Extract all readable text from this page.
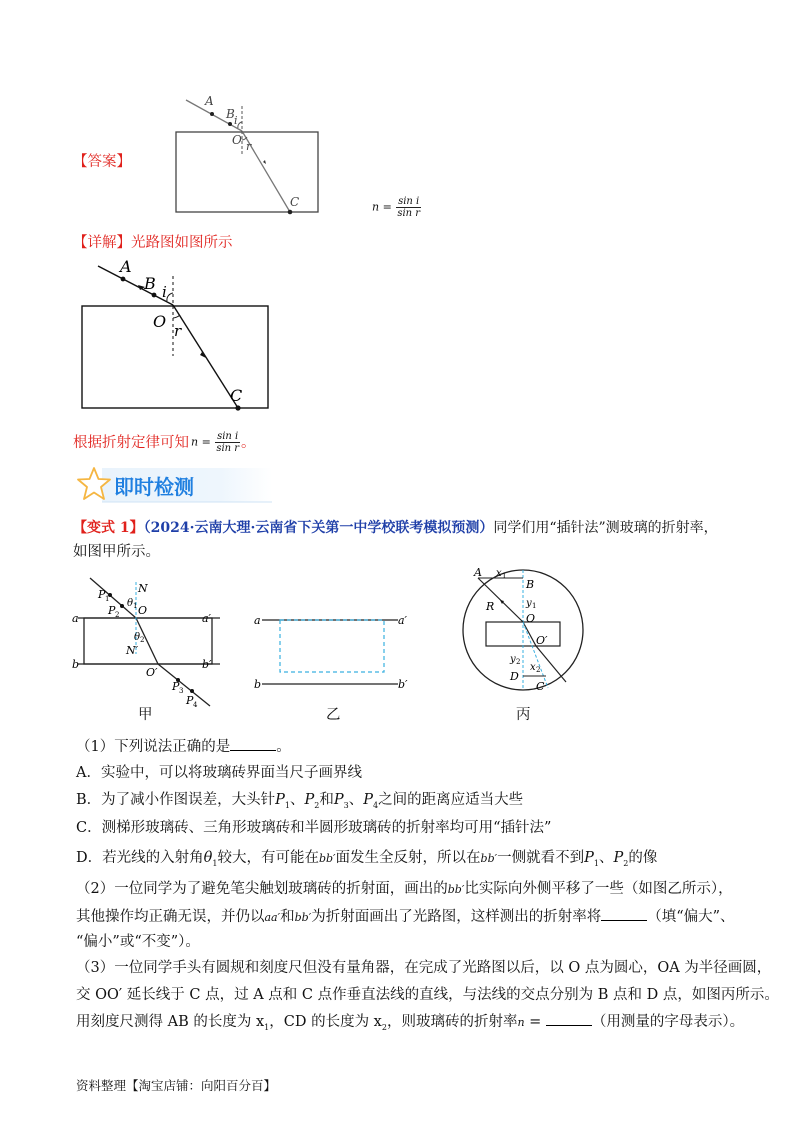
A
B i
O r
C
【答案】
$n = \frac{\text{sin i}}{\text{sin r}}$
【详解】光路图如图所示
A
B i
O r
C
根据折射定律可知 $n = \frac{\text{sin i}}{\text{sin r}}$ 。
即时检测
【变式 1】（2024·云南大理·云南省下关第一中学校联考模拟预测）同学们用“插针法”测玻璃的折射率，
如图甲所示。
P 1
P 2
N
θ 1 O
θ 2
N′
O′
P 3
P 4
a	a′
b	b′
甲
a	a′
b	b′
乙
A x 1
B
y 1
R
O
O′
y 2 x 2
D
C
丙
（1）下列说法正确的是	。
A．实验中，可以将玻璃砖界面当尺子画界线
B．为了减小作图误差，大头针$P_1$、$P_2$和$P_3$、$P_4$之间的距离应适当大些
C．测梯形玻璃砖、三角形玻璃砖和半圆形玻璃砖的折射率均可用“插针法”
D．若光线的入射角$\theta_1$较大，有可能在bb′面发生全反射，所以在bb′一侧就看不到$P_1$、$P_2$的像
（2）一位同学为了避免笔尖触划玻璃砖的折射面，画出的bb′比实际向外侧平移了一些（如图乙所示），
其他操作均正确无误，并仍以aa′和bb′为折射面画出了光路图，这样测出的折射率将	（填“偏大”、
“偏小”或“不变”）。
（3）一位同学手头有圆规和刻度尺但没有量角器，在完成了光路图以后，以 O 点为圆心，OA 为半径画圆，
交 OO′ 延长线于 C 点，过 A 点和 C 点作垂直法线的直线，与法线的交点分别为 B 点和 D 点，如图丙所示。
用刻度尺测得 AB 的长度为 $x_1$，CD 的长度为 $x_2$，则玻璃砖的折射率n =	（用测量的字母表示）。
资料整理【淘宝店铺：向阳百分百】
